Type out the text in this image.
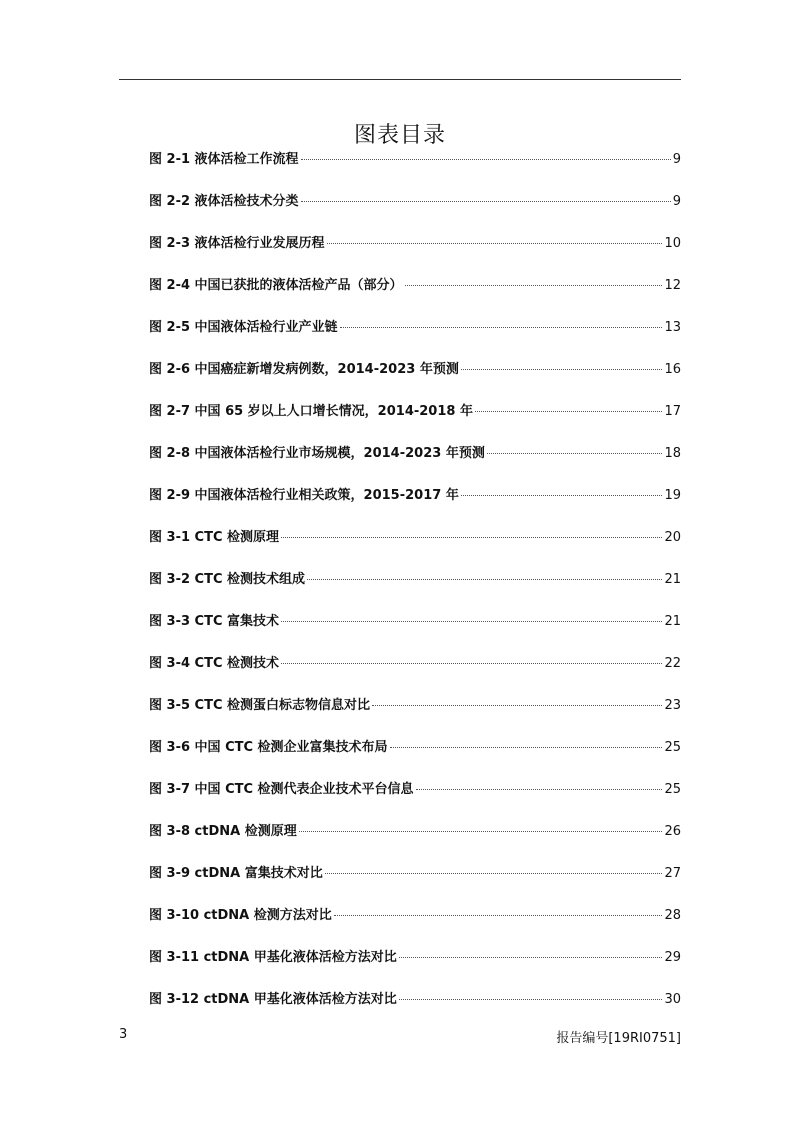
图表目录
图 2-1 液体活检工作流程	9
图 2-2 液体活检技术分类	9
图 2-3 液体活检行业发展历程	10
图 2-4 中国已获批的液体活检产品（部分）	12
图 2-5 中国液体活检行业产业链	13
图 2-6 中国癌症新增发病例数，2014-2023 年预测	16
图 2-7 中国 65 岁以上人口增长情况，2014-2018 年	17
图 2-8 中国液体活检行业市场规模，2014-2023 年预测	18
图 2-9 中国液体活检行业相关政策，2015-2017 年	19
图 3-1 CTC 检测原理	20
图 3-2 CTC 检测技术组成	21
图 3-3 CTC 富集技术	21
图 3-4 CTC 检测技术	22
图 3-5 CTC 检测蛋白标志物信息对比	23
图 3-6 中国 CTC 检测企业富集技术布局	25
图 3-7 中国 CTC 检测代表企业技术平台信息	25
图 3-8 ctDNA 检测原理	26
图 3-9 ctDNA 富集技术对比	27
图 3-10 ctDNA 检测方法对比	28
图 3-11 ctDNA 甲基化液体活检方法对比	29
图 3-12 ctDNA 甲基化液体活检方法对比	30
3	报告编号[19RI0751]
